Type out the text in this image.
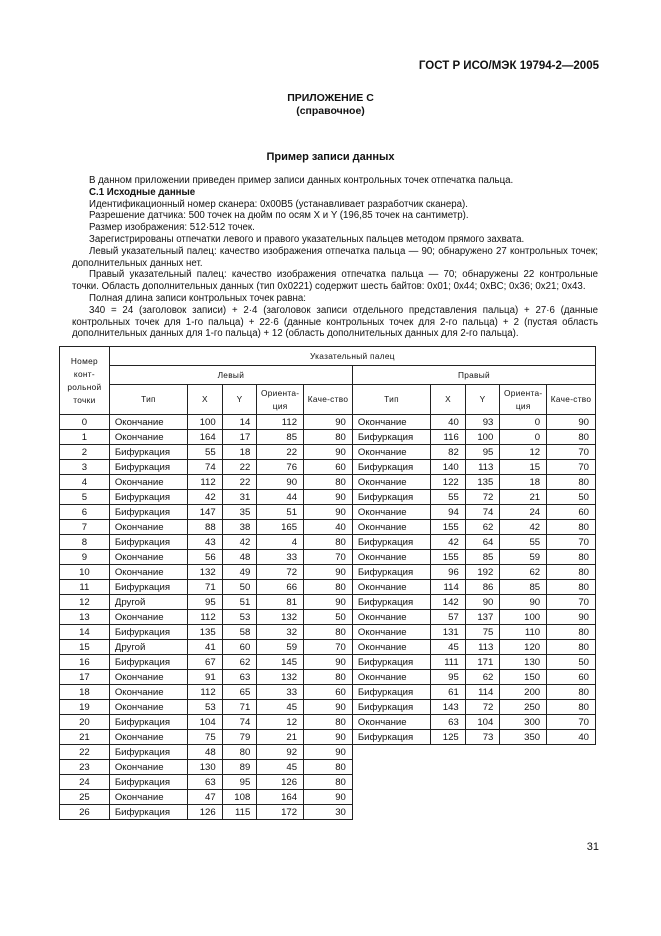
ГОСТ Р ИСО/МЭК 19794-2—2005
ПРИЛОЖЕНИЕ С
(справочное)
Пример записи данных

В данном приложении приведен пример записи данных контрольных точек отпечатка пальца.

С.1 Исходные данные

Идентификационный номер сканера: 0x00B5 (устанавливает разработчик сканера).

Разрешение датчика: 500 точек на дюйм по осям X и Y (196,85 точек на сантиметр).

Размер изображения: 512·512 точек.

Зарегистрированы отпечатки левого и правого указательных пальцев методом прямого захвата.

Левый указательный палец: качество изображения отпечатка пальца — 90; обнаружено 27 контрольных точек; дополнительных данных нет.

Правый указательный палец: качество изображения отпечатка пальца — 70; обнаружены 22 контрольные точки. Область дополнительных данных (тип 0x0221) содержит шесть байтов: 0x01; 0x44; 0xBC; 0x36; 0x21; 0x43.

Полная длина записи контрольных точек равна:

340 = 24 (заголовок записи) + 2·4 (заголовок записи отдельного представления пальца) + 27·6 (данные контрольных точек для 1-го пальца) + 22·6 (данные контрольных точек для 2-го пальца) + 2 (пустая область дополнительных данных для 1-го пальца) + 12 (область дополнительных данных для 2-го пальца).

Номер конт-рольной точки	Указательный палец									
	Левый					Правый				
	Тип	X	Y	Ориента-ция	Каче-ство	Тип	X	Y	Ориента-ция	Каче-ство
0	Окончание	100	14	112	90	Окончание	40	93	0	90
1	Окончание	164	17	85	80	Бифуркация	116	100	0	80
2	Бифуркация	55	18	22	90	Окончание	82	95	12	70
3	Бифуркация	74	22	76	60	Бифуркация	140	113	15	70
4	Окончание	112	22	90	80	Окончание	122	135	18	80
5	Бифуркация	42	31	44	90	Бифуркация	55	72	21	50
6	Бифуркация	147	35	51	90	Окончание	94	74	24	60
7	Окончание	88	38	165	40	Окончание	155	62	42	80
8	Бифуркация	43	42	4	80	Бифуркация	42	64	55	70
9	Окончание	56	48	33	70	Окончание	155	85	59	80
10	Окончание	132	49	72	90	Бифуркация	96	192	62	80
11	Бифуркация	71	50	66	80	Окончание	114	86	85	80
12	Другой	95	51	81	90	Бифуркация	142	90	90	70
13	Окончание	112	53	132	50	Окончание	57	137	100	90
14	Бифуркация	135	58	32	80	Окончание	131	75	110	80
15	Другой	41	60	59	70	Окончание	45	113	120	80
16	Бифуркация	67	62	145	90	Бифуркация	111	171	130	50
17	Окончание	91	63	132	80	Окончание	95	62	150	60
18	Окончание	112	65	33	60	Бифуркация	61	114	200	80
19	Окончание	53	71	45	90	Бифуркация	143	72	250	80
20	Бифуркация	104	74	12	80	Окончание	63	104	300	70
21	Окончание	75	79	21	90	Бифуркация	125	73	350	40
22	Бифуркация	48	80	92	90					
23	Окончание	130	89	45	80					
24	Бифуркация	63	95	126	80					
25	Окончание	47	108	164	90					
26	Бифуркация	126	115	172	30					
31
